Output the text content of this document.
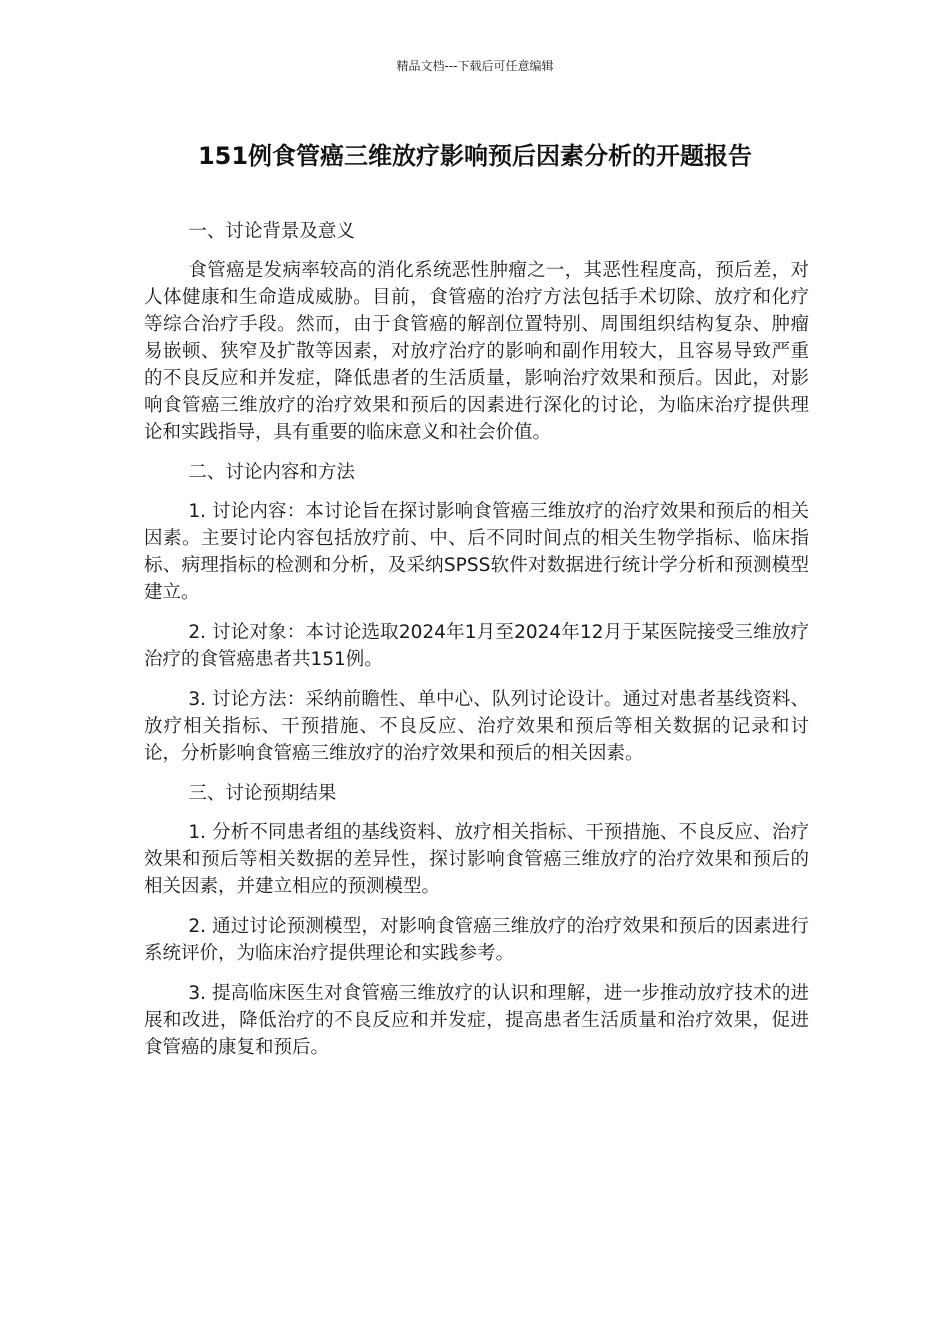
精品文档---下载后可任意编辑
151例食管癌三维放疗影响预后因素分析的开题报告

一、讨论背景及意义

食管癌是发病率较高的消化系统恶性肿瘤之一，其恶性程度高，预后差，对人体健康和生命造成威胁。目前，食管癌的治疗方法包括手术切除、放疗和化疗等综合治疗手段。然而，由于食管癌的解剖位置特别、周围组织结构复杂、肿瘤易嵌顿、狭窄及扩散等因素，对放疗治疗的影响和副作用较大，且容易导致严重的不良反应和并发症，降低患者的生活质量，影响治疗效果和预后。因此，对影响食管癌三维放疗的治疗效果和预后的因素进行深化的讨论，为临床治疗提供理论和实践指导，具有重要的临床意义和社会价值。

二、讨论内容和方法

1. 讨论内容：本讨论旨在探讨影响食管癌三维放疗的治疗效果和预后的相关因素。主要讨论内容包括放疗前、中、后不同时间点的相关生物学指标、临床指标、病理指标的检测和分析，及采纳SPSS软件对数据进行统计学分析和预测模型建立。

2. 讨论对象：本讨论选取2024年1月至2024年12月于某医院接受三维放疗治疗的食管癌患者共151例。

3. 讨论方法：采纳前瞻性、单中心、队列讨论设计。通过对患者基线资料、放疗相关指标、干预措施、不良反应、治疗效果和预后等相关数据的记录和讨论，分析影响食管癌三维放疗的治疗效果和预后的相关因素。

三、讨论预期结果

1. 分析不同患者组的基线资料、放疗相关指标、干预措施、不良反应、治疗效果和预后等相关数据的差异性，探讨影响食管癌三维放疗的治疗效果和预后的相关因素，并建立相应的预测模型。

2. 通过讨论预测模型，对影响食管癌三维放疗的治疗效果和预后的因素进行系统评价，为临床治疗提供理论和实践参考。

3. 提高临床医生对食管癌三维放疗的认识和理解，进一步推动放疗技术的进展和改进，降低治疗的不良反应和并发症，提高患者生活质量和治疗效果，促进食管癌的康复和预后。
